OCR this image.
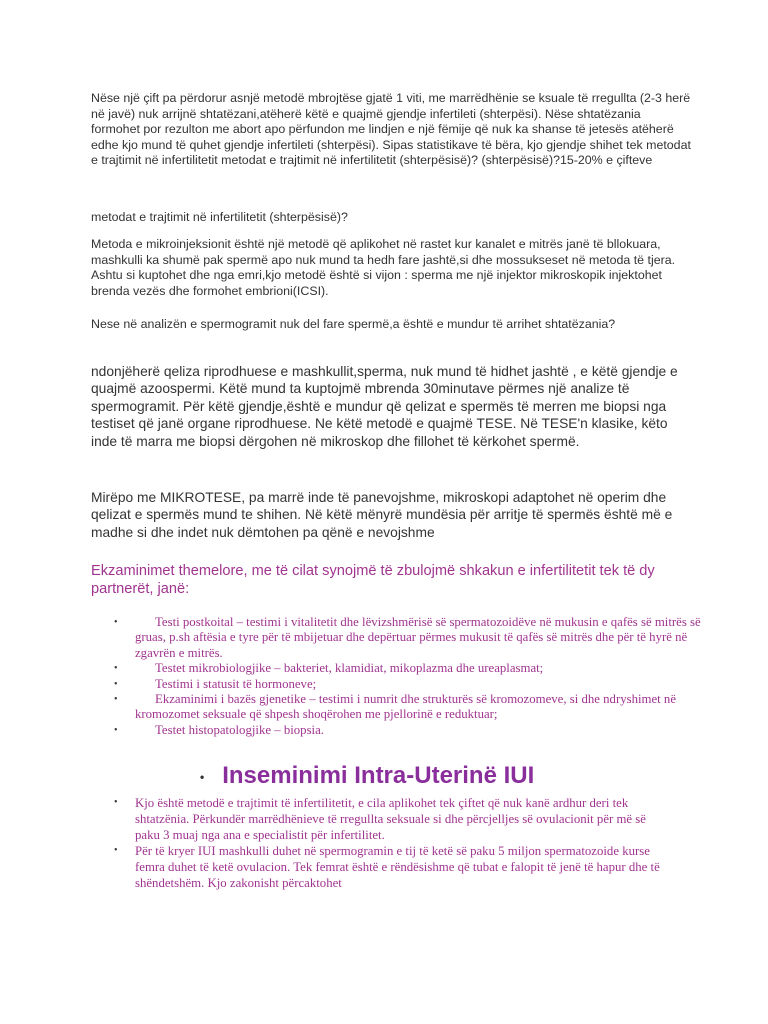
Nëse një çift pa përdorur asnjë metodë mbrojtëse gjatë 1 viti, me marrëdhënie se ksuale të rregullta (2-3 herë në javë) nuk arrijnë shtatëzani,atëherë këtë e quajmë gjendje infertileti (shterpësi). Nëse shtatëzania formohet por rezulton me abort apo përfundon me lindjen e një fëmije që nuk ka shanse të jetesës atëherë edhe kjo mund të quhet gjendje infertileti (shterpësi). Sipas statistikave të bëra, kjo gjendje shihet tek metodat e trajtimit në infertilitetit metodat e trajtimit në infertilitetit (shterpësisë)? (shterpësisë)?15-20% e çifteve

metodat e trajtimit në infertilitetit (shterpësisë)?

Metoda e mikroinjeksionit është një metodë që aplikohet në rastet kur kanalet e mitrës janë të bllokuara, mashkulli ka shumë pak spermë apo nuk mund ta hedh fare jashtë,si dhe mossukseset në metoda të tjera. Ashtu si kuptohet dhe nga emri,kjo metodë është si vijon : sperma me një injektor mikroskopik injektohet brenda vezës dhe formohet embrioni(ICSI).

Nese në analizën e spermogramit nuk del fare spermë,a është e mundur të arrihet shtatëzania?

ndonjëherë qeliza riprodhuese e mashkullit,sperma, nuk mund të hidhet jashtë , e këtë gjendje e quajmë azoospermi. Këtë mund ta kuptojmë mbrenda 30minutave përmes një analize të spermogramit. Për këtë gjendje,është e mundur që qelizat e spermës të merren me biopsi nga testiset që janë organe riprodhuese. Ne këtë metodë e quajmë TESE. Në TESE'n klasike, këto inde të marra me biopsi dërgohen në mikroskop dhe fillohet të kërkohet spermë.

Mirëpo me MIKROTESE, pa marrë inde të panevojshme, mikroskopi adaptohet në operim dhe qelizat e spermës mund te shihen. Në këtë mënyrë mundësia për arritje të spermës është më e madhe si dhe indet nuk dëmtohen pa qënë e nevojshme

Ekzaminimet themelore, me të cilat synojmë të zbulojmë shkakun e infertilitetit tek të dy partnerët, janë:

•	Testi postkoital – testimi i vitalitetit dhe lëvizshmërisë së spermatozoidëve në mukusin e qafës së mitrës së gruas, p.sh aftësia e tyre për të mbijetuar dhe depërtuar përmes mukusit të qafës së mitrës dhe për të hyrë në zgavrën e mitrës.
•	Testet mikrobiologjike – bakteriet, klamidiat, mikoplazma dhe ureaplasmat;
•	Testimi i statusit të hormoneve;
•	Ekzaminimi i bazës gjenetike – testimi i numrit dhe strukturës së kromozomeve, si dhe ndryshimet në kromozomet seksuale që shpesh shoqërohen me pjellorinë e reduktuar;
•	Testet histopatologjike – biopsia.
• Inseminimi Intra-Uterinë IUI
• Kjo është metodë e trajtimit të infertilitetit, e cila aplikohet tek çiftet që nuk kanë ardhur deri tek shtatzënia. Përkundër marrëdhënieve të rregullta seksuale si dhe përcjelljes së ovulacionit për më së paku 3 muaj nga ana e specialistit për infertilitet.
• Për të kryer IUI mashkulli duhet në spermogramin e tij të ketë së paku 5 miljon spermatozoide kurse femra duhet të ketë ovulacion. Tek femrat është e rëndësishme që tubat e falopit të jenë të hapur dhe të shëndetshëm. Kjo zakonisht përcaktohet
